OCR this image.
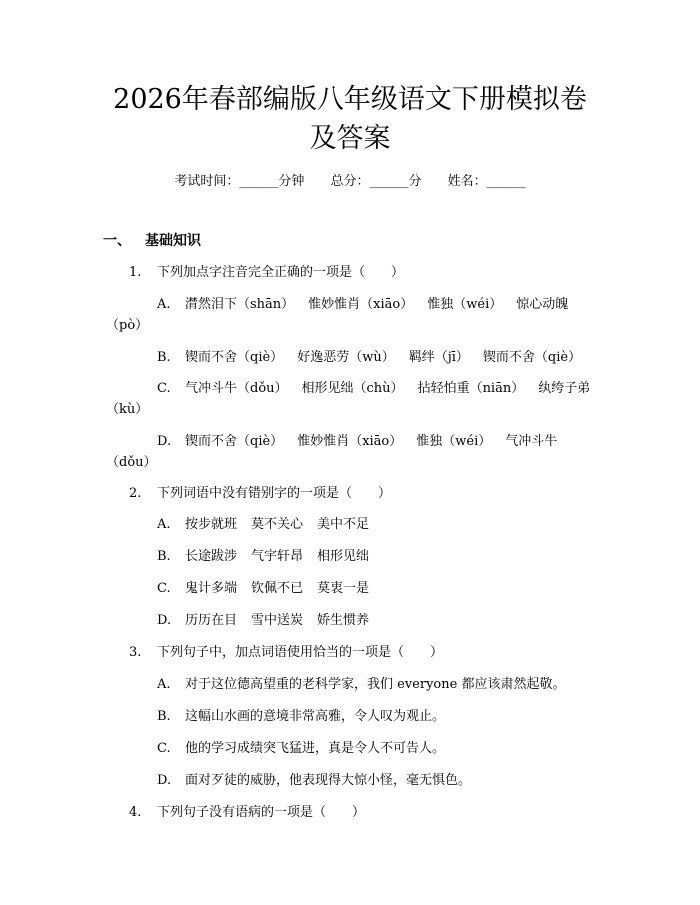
2026年春部编版八年级语文下册模拟卷及答案
考试时间：______分钟 总分：______分 姓名：______
一、 基础知识
1. 下列加点字注音完全正确的一项是（　　）
A. 潸然泪下（shān） 惟妙惟肖（xiāo） 惟独（wéi） 惊心动魄
（pò）
B. 锲而不舍（qiè） 好逸恶劳（wù） 羁绊（jī） 锲而不舍（qiè）
C. 气冲斗牛（dǒu） 相形见绌（chù） 拈轻怕重（niān） 纨绔子弟
（kù）
D. 锲而不舍（qiè） 惟妙惟肖（xiāo） 惟独（wéi） 气冲斗牛
（dǒu）
2. 下列词语中没有错别字的一项是（　　）
A. 按步就班 莫不关心 美中不足
B. 长途跋涉 气宇轩昂 相形见绌
C. 鬼计多端 钦佩不已 莫衷一是
D. 历历在目 雪中送炭 娇生惯养
3. 下列句子中，加点词语使用恰当的一项是（　　）
A. 对于这位德高望重的老科学家，我们 everyone 都应该肃然起敬。
B. 这幅山水画的意境非常高雅，令人叹为观止。
C. 他的学习成绩突飞猛进，真是令人不可告人。
D. 面对歹徒的威胁，他表现得大惊小怪，毫无惧色。
4. 下列句子没有语病的一项是（　　）
